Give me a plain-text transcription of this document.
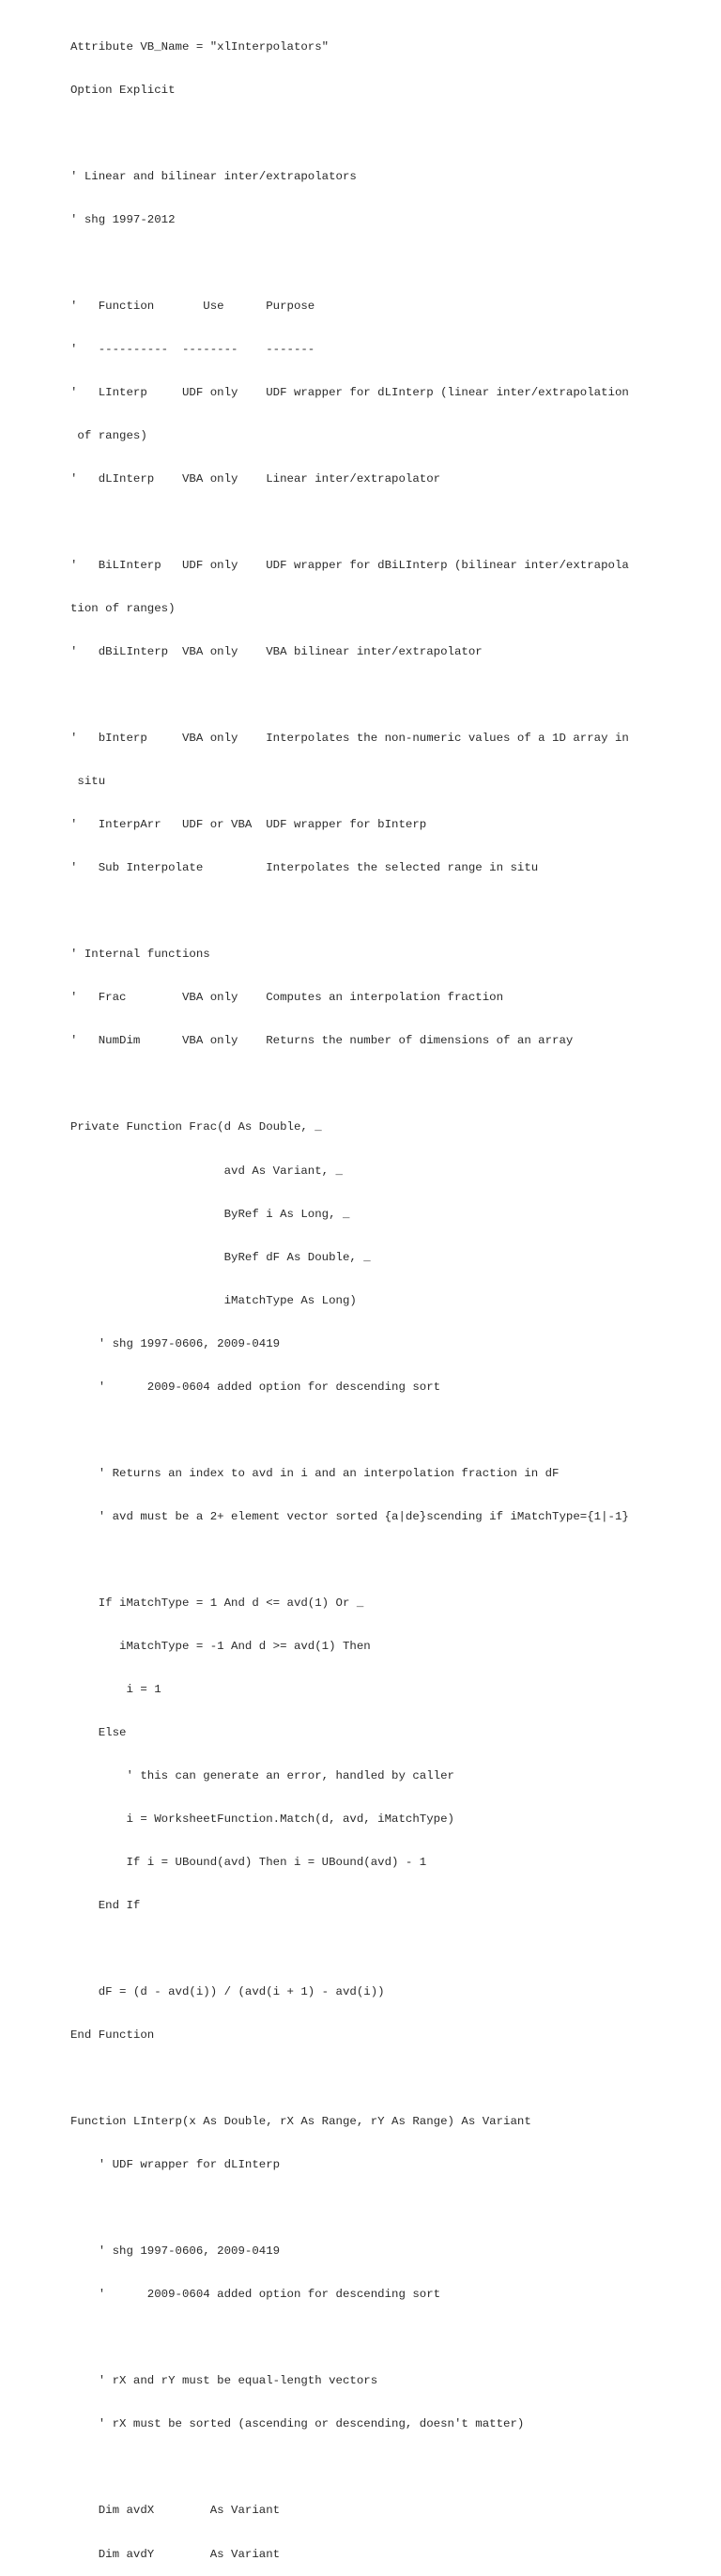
Attribute VB_Name = "xlInterpolators"

Option Explicit

' Linear and bilinear inter/extrapolators

' shg 1997-2012

'   Function       Use      Purpose

'   ----------  --------    -------

'   LInterp     UDF only    UDF wrapper for dLInterp (linear inter/extrapolation

of ranges)

'   dLInterp    VBA only    Linear inter/extrapolator

'   BiLInterp   UDF only    UDF wrapper for dBiLInterp (bilinear inter/extrapola

tion of ranges)

'   dBiLInterp  VBA only    VBA bilinear inter/extrapolator

'   bInterp     VBA only    Interpolates the non-numeric values of a 1D array in

situ

'   InterpArr   UDF or VBA  UDF wrapper for bInterp

'   Sub Interpolate         Interpolates the selected range in situ

' Internal functions

'   Frac        VBA only    Computes an interpolation fraction

'   NumDim      VBA only    Returns the number of dimensions of an array

Private Function Frac(d As Double, _

avd As Variant, _

ByRef i As Long, _

ByRef dF As Double, _

iMatchType As Long)

' shg 1997-0606, 2009-0419

'      2009-0604 added option for descending sort

' Returns an index to avd in i and an interpolation fraction in dF

' avd must be a 2+ element vector sorted {a|de}scending if iMatchType={1|-1}

If iMatchType = 1 And d <= avd(1) Or _

iMatchType = -1 And d >= avd(1) Then

i = 1

Else

' this can generate an error, handled by caller

i = WorksheetFunction.Match(d, avd, iMatchType)

If i = UBound(avd) Then i = UBound(avd) - 1

End If

dF = (d - avd(i)) / (avd(i + 1) - avd(i))

End Function

Function LInterp(x As Double, rX As Range, rY As Range) As Variant

' UDF wrapper for dLInterp

' shg 1997-0606, 2009-0419

'      2009-0604 added option for descending sort

' rX and rY must be equal-length vectors

' rX must be sorted (ascending or descending, doesn't matter)

Dim avdX        As Variant

Dim avdY        As Variant
